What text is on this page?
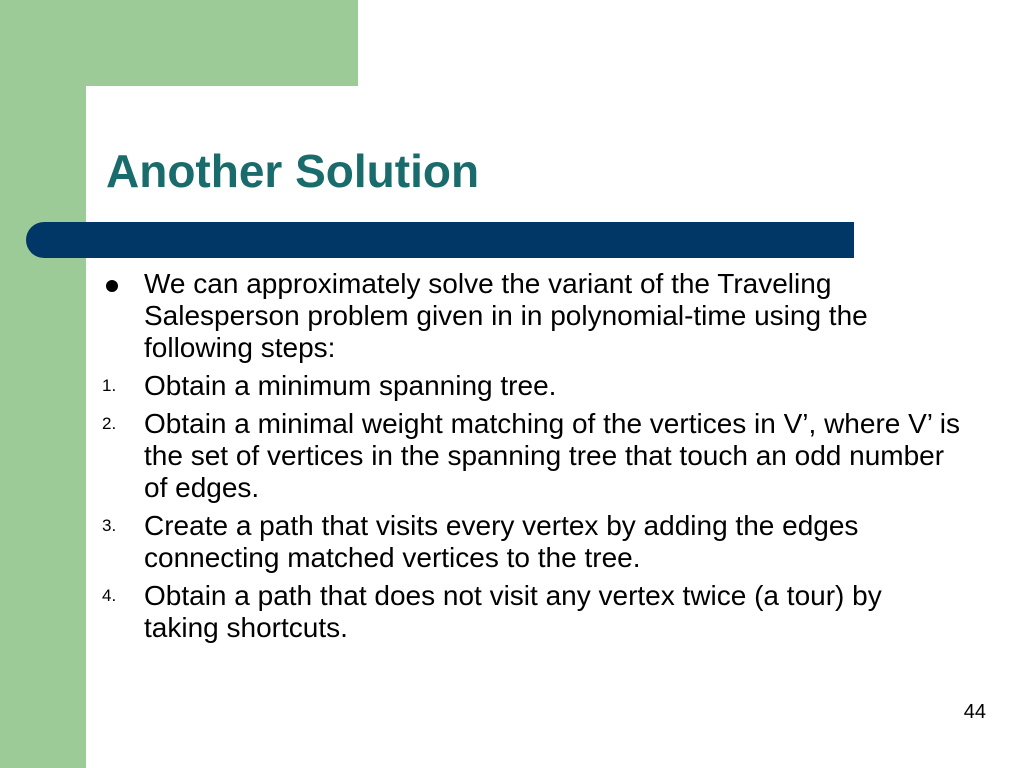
Another Solution
We can approximately solve the variant of the Traveling Salesperson problem given in in polynomial-time using the following steps:
1. Obtain a minimum spanning tree.
2. Obtain a minimal weight matching of the vertices in V’, where V’ is the set of vertices in the spanning tree that touch an odd number of edges.
3. Create a path that visits every vertex by adding the edges connecting matched vertices to the tree.
4. Obtain a path that does not visit any vertex twice (a tour) by taking shortcuts.
44
